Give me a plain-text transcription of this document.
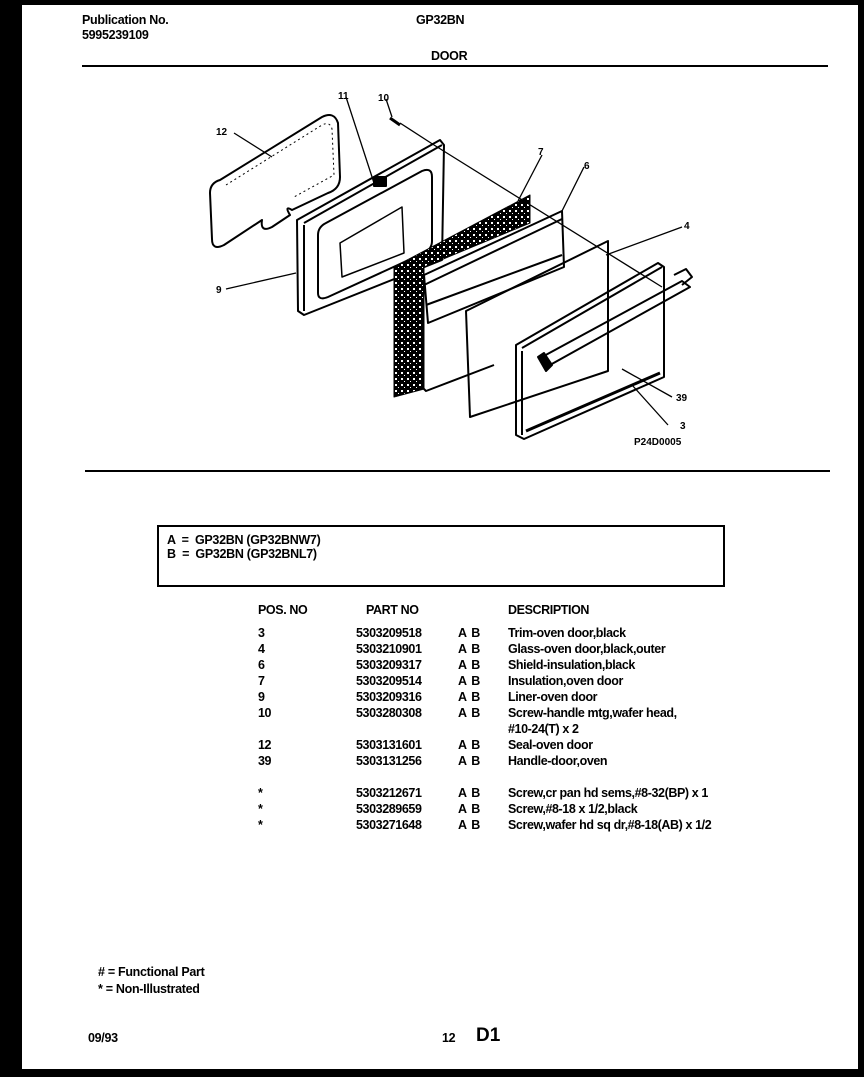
Publication No.
5995239109
GP32BN
DOOR
12
11	10
7
6
4
9
39
3
P24D0005
A  =  GP32BN (GP32BNW7)
B  =  GP32BN (GP32BNL7)
POS. NO	PART NO	DESCRIPTION
3	5303209518	A B Trim-oven door,black
4	5303210901	A B Glass-oven door,black,outer
6	5303209317	A B Shield-insulation,black
7	5303209514	A B Insulation,oven door
9	5303209316	A B Liner-oven door
10	5303280308	A B Screw-handle mtg,wafer head,
#10-24(T) x 2
12	5303131601	A B Seal-oven door
39	5303131256	A B Handle-door,oven
*	5303212671	A B Screw,cr pan hd sems,#8-32(BP) x 1
*	5303289659	A B Screw,#8-18 x 1/2,black
*	5303271648	A B Screw,wafer hd sq dr,#8-18(AB) x 1/2
# = Functional Part
* = Non-Illustrated
09/93	12 D1
